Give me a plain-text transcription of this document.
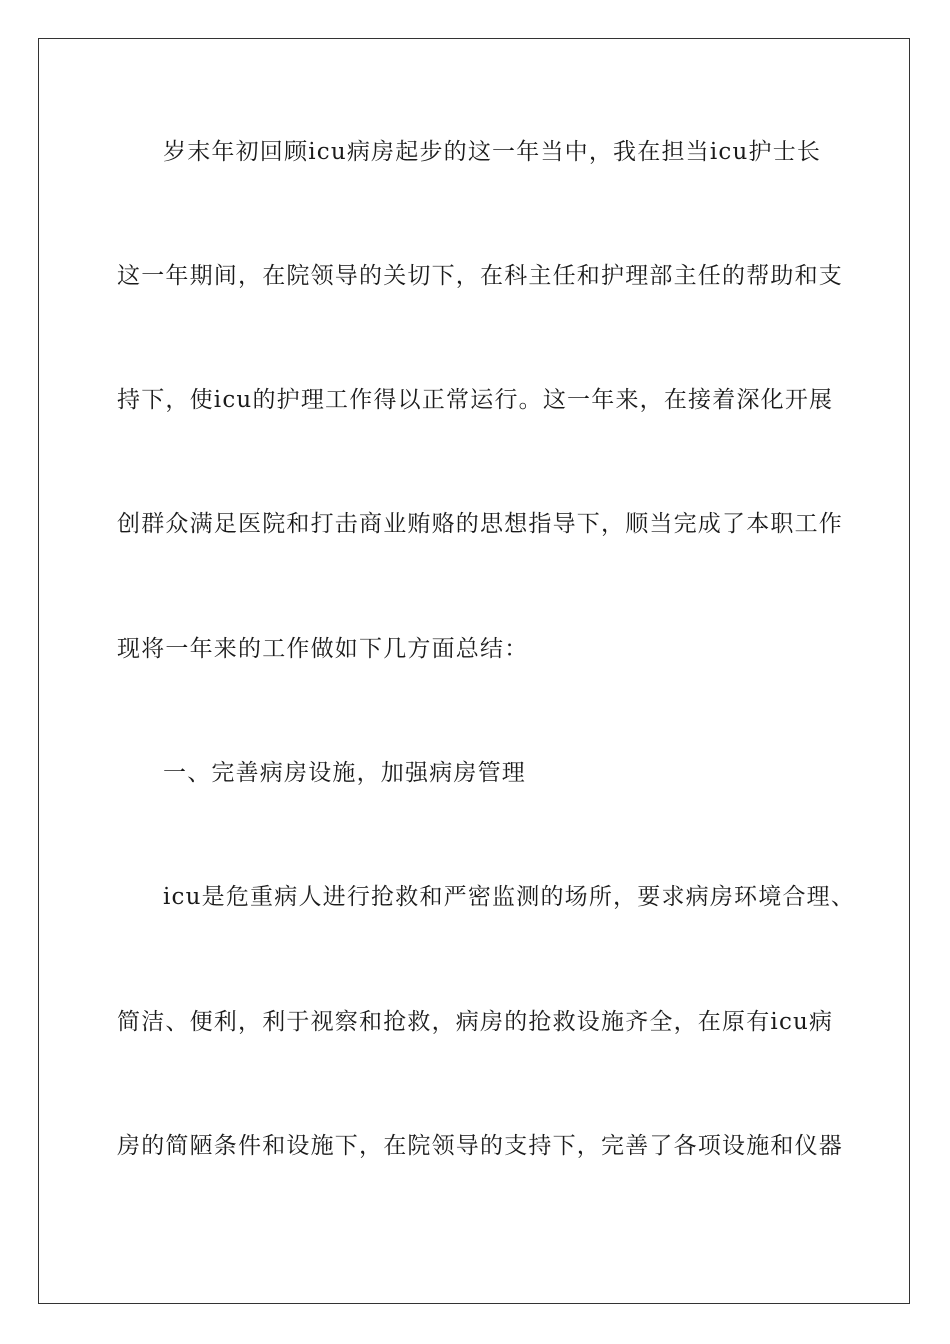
岁末年初回顾icu病房起步的这一年当中，我在担当icu护士长
这一年期间，在院领导的关切下，在科主任和护理部主任的帮助和支
持下，使icu的护理工作得以正常运行。这一年来，在接着深化开展
创群众满足医院和打击商业贿赂的思想指导下，顺当完成了本职工作
现将一年来的工作做如下几方面总结：
一、完善病房设施，加强病房管理
icu是危重病人进行抢救和严密监测的场所，要求病房环境合理、
简洁、便利，利于视察和抢救，病房的抢救设施齐全，在原有icu病
房的简陋条件和设施下，在院领导的支持下，完善了各项设施和仪器
